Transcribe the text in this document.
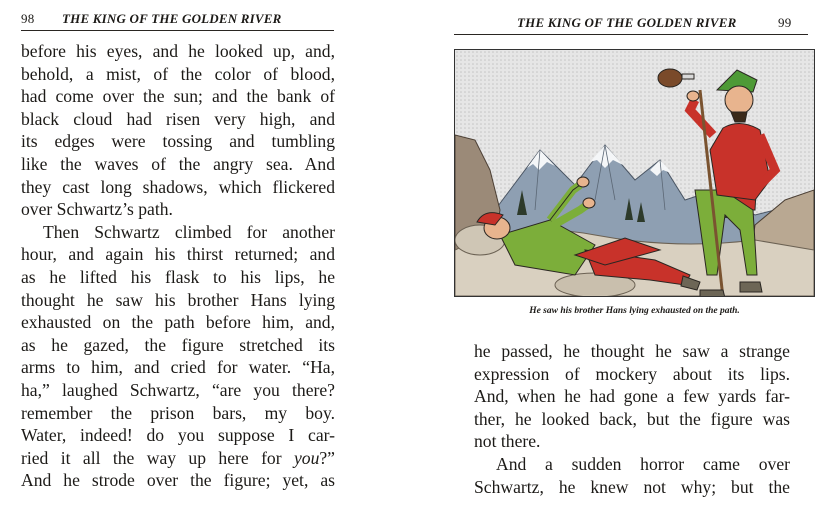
98 THE KING OF THE GOLDEN RIVER
before his eyes, and he looked up, and,
behold, a mist, of the color of blood,
had come over the sun; and the bank of
black cloud had risen very high, and
its edges were tossing and tumbling
like the waves of the angry sea. And
they cast long shadows, which flickered
over Schwartz’s path.
Then Schwartz climbed for another
hour, and again his thirst returned; and
as he lifted his flask to his lips, he
thought he saw his brother Hans lying
exhausted on the path before him, and,
as he gazed, the figure stretched its
arms to him, and cried for water. “Ha,
ha,” laughed Schwartz, “are you there?
remember the prison bars, my boy.
Water, indeed! do you suppose I car-
ried it all the way up here for you?”
And he strode over the figure; yet, as
THE KING OF THE GOLDEN RIVER	99
He saw his brother Hans lying exhausted on the path.
he passed, he thought he saw a strange
expression of mockery about its lips.
And, when he had gone a few yards far-
ther, he looked back, but the figure was
not there.
And a sudden horror came over
Schwartz, he knew not why; but the
